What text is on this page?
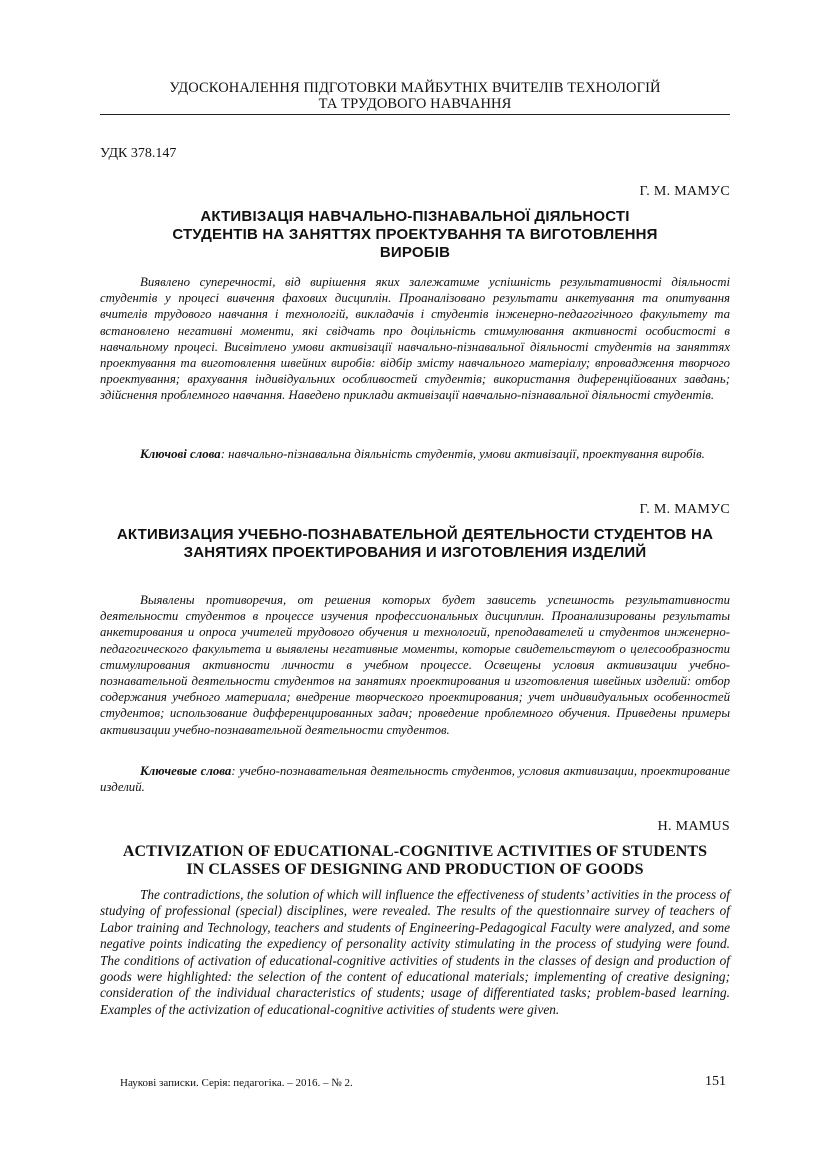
УДОСКОНАЛЕННЯ ПІДГОТОВКИ МАЙБУТНІХ ВЧИТЕЛІВ ТЕХНОЛОГІЙ
ТА ТРУДОВОГО НАВЧАННЯ
УДК 378.147
Г. М. МАМУС
АКТИВІЗАЦІЯ НАВЧАЛЬНО-ПІЗНАВАЛЬНОЇ ДІЯЛЬНОСТІ СТУДЕНТІВ НА ЗАНЯТТЯХ ПРОЕКТУВАННЯ ТА ВИГОТОВЛЕННЯ ВИРОБІВ

Виявлено суперечності, від вирішення яких залежатиме успішність результативності діяльності студентів у процесі вивчення фахових дисциплін. Проаналізовано результати анкетування та опитування вчителів трудового навчання і технологій, викладачів і студентів інженерно-педагогічного факультету та встановлено негативні моменти, які свідчать про доцільність стимулювання активності особистості в навчальному процесі. Висвітлено умови активізації навчально-пізнавальної діяльності студентів на заняттях проектування та виготовлення швейних виробів: відбір змісту навчального матеріалу; впровадження творчого проектування; врахування індивідуальних особливостей студентів; використання диференційованих завдань; здійснення проблемного навчання. Наведено приклади активізації навчально-пізнавальної діяльності студентів.

Ключові слова: навчально-пізнавальна діяльність студентів, умови активізації, проектування виробів.

Г. М. МАМУС
АКТИВИЗАЦИЯ УЧЕБНО-ПОЗНАВАТЕЛЬНОЙ ДЕЯТЕЛЬНОСТИ СТУДЕНТОВ НА ЗАНЯТИЯХ ПРОЕКТИРОВАНИЯ И ИЗГОТОВЛЕНИЯ ИЗДЕЛИЙ

Выявлены противоречия, от решения которых будет зависеть успешность результативности деятельности студентов в процессе изучения профессиональных дисциплин. Проанализированы результаты анкетирования и опроса учителей трудового обучения и технологий, преподавателей и студентов инженерно-педагогического факультета и выявлены негативные моменты, которые свидетельствуют о целесообразности стимулирования активности личности в учебном процессе. Освещены условия активизации учебно-познавательной деятельности студентов на занятиях проектирования и изготовления швейных изделий: отбор содержания учебного материала; внедрение творческого проектирования; учет индивидуальных особенностей студентов; использование дифференцированных задач; проведение проблемного обучения. Приведены примеры активизации учебно-познавательной деятельности студентов.

Ключевые слова: учебно-познавательная деятельность студентов, условия активизации, проектирование изделий.

H. MAMUS
ACTIVIZATION OF EDUCATIONAL-COGNITIVE ACTIVITIES OF STUDENTS IN CLASSES OF DESIGNING AND PRODUCTION OF GOODS

The contradictions, the solution of which will influence the effectiveness of students’ activities in the process of studying of professional (special) disciplines, were revealed. The results of the questionnaire survey of teachers of Labor training and Technology, teachers and students of Engineering-Pedagogical Faculty were analyzed, and some negative points indicating the expediency of personality activity stimulating in the process of studying were found. The conditions of activation of educational-cognitive activities of students in the classes of design and production of goods were highlighted: the selection of the content of educational materials; implementing of creative designing; consideration of the individual characteristics of students; usage of differentiated tasks; problem-based learning. Examples of the activization of educational-cognitive activities of students were given.

Наукові записки. Серія: педагогіка. – 2016. – № 2.	151
